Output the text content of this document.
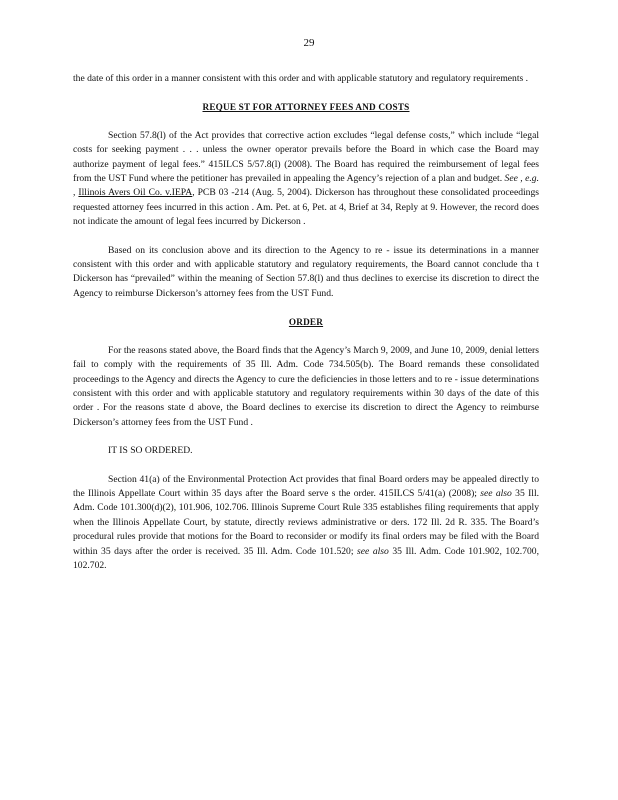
29

the date of this order in a manner consistent with this order and with applicable statutory and regulatory requirements .

REQUE ST FOR ATTORNEY FEES AND COSTS

Section 57.8(l) of the Act provides that corrective action excludes “legal defense costs,” which include “legal costs for seeking payment . . . unless the owner operator prevails before the Board in which case the Board may authorize payment of legal fees.” 415ILCS 5/57.8(l) (2008). The Board has required the reimbursement of legal fees from the UST Fund where the petitioner has prevailed in appealing the Agency’s rejection of a plan and budget. See , e.g. , Illinois Avers Oil Co. v.IEPA, PCB 03 -214 (Aug. 5, 2004). Dickerson has throughout these consolidated proceedings requested attorney fees incurred in this action . Am. Pet. at 6, Pet. at 4, Brief at 34, Reply at 9. However, the record does not indicate the amount of legal fees incurred by Dickerson .

Based on its conclusion above and its direction to the Agency to re - issue its determinations in a manner consistent with this order and with applicable statutory and regulatory requirements, the Board cannot conclude tha t Dickerson has “prevailed” within the meaning of Section 57.8(l) and thus declines to exercise its discretion to direct the Agency to reimburse Dickerson’s attorney fees from the UST Fund.

ORDER

For the reasons stated above, the Board finds that the Agency’s March 9, 2009, and June 10, 2009, denial letters fail to comply with the requirements of 35 Ill. Adm. Code 734.505(b). The Board remands these consolidated proceedings to the Agency and directs the Agency to cure the deficiencies in those letters and to re - issue determinations consistent with this order and with applicable statutory and regulatory requirements within 30 days of the date of this order . For the reasons state d above, the Board declines to exercise its discretion to direct the Agency to reimburse Dickerson’s attorney fees from the UST Fund .

IT IS SO ORDERED.

Section 41(a) of the Environmental Protection Act provides that final Board orders may be appealed directly to the Illinois Appellate Court within 35 days after the Board serve s the order. 415ILCS 5/41(a) (2008); see also 35 Ill. Adm. Code 101.300(d)(2), 101.906, 102.706. Illinois Supreme Court Rule 335 establishes filing requirements that apply when the Illinois Appellate Court, by statute, directly reviews administrative or ders. 172 Ill. 2d R. 335. The Board’s procedural rules provide that motions for the Board to reconsider or modify its final orders may be filed with the Board within 35 days after the order is received. 35 Ill. Adm. Code 101.520; see also 35 Ill. Adm. Code 101.902, 102.700, 102.702.
